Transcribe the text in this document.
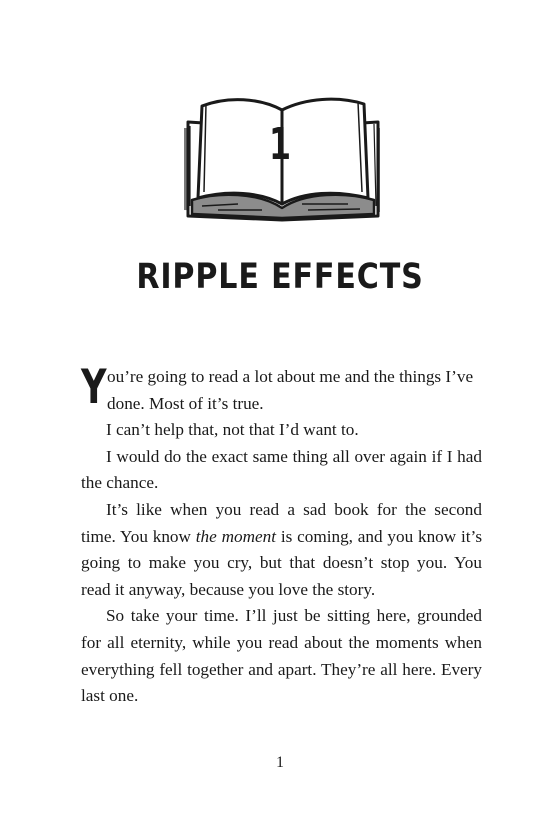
1
RIPPLE EFFECTS

You’re going to read a lot about me and the things I’ve done. Most of it’s true.

I can’t help that, not that I’d want to.

I would do the exact same thing all over again if I had the chance.

It’s like when you read a sad book for the second time. You know the moment is coming, and you know it’s going to make you cry, but that doesn’t stop you. You read it anyway, because you love the story.

So take your time. I’ll just be sitting here, grounded for all eternity, while you read about the moments when everything fell together and apart. They’re all here. Every last one.

1
